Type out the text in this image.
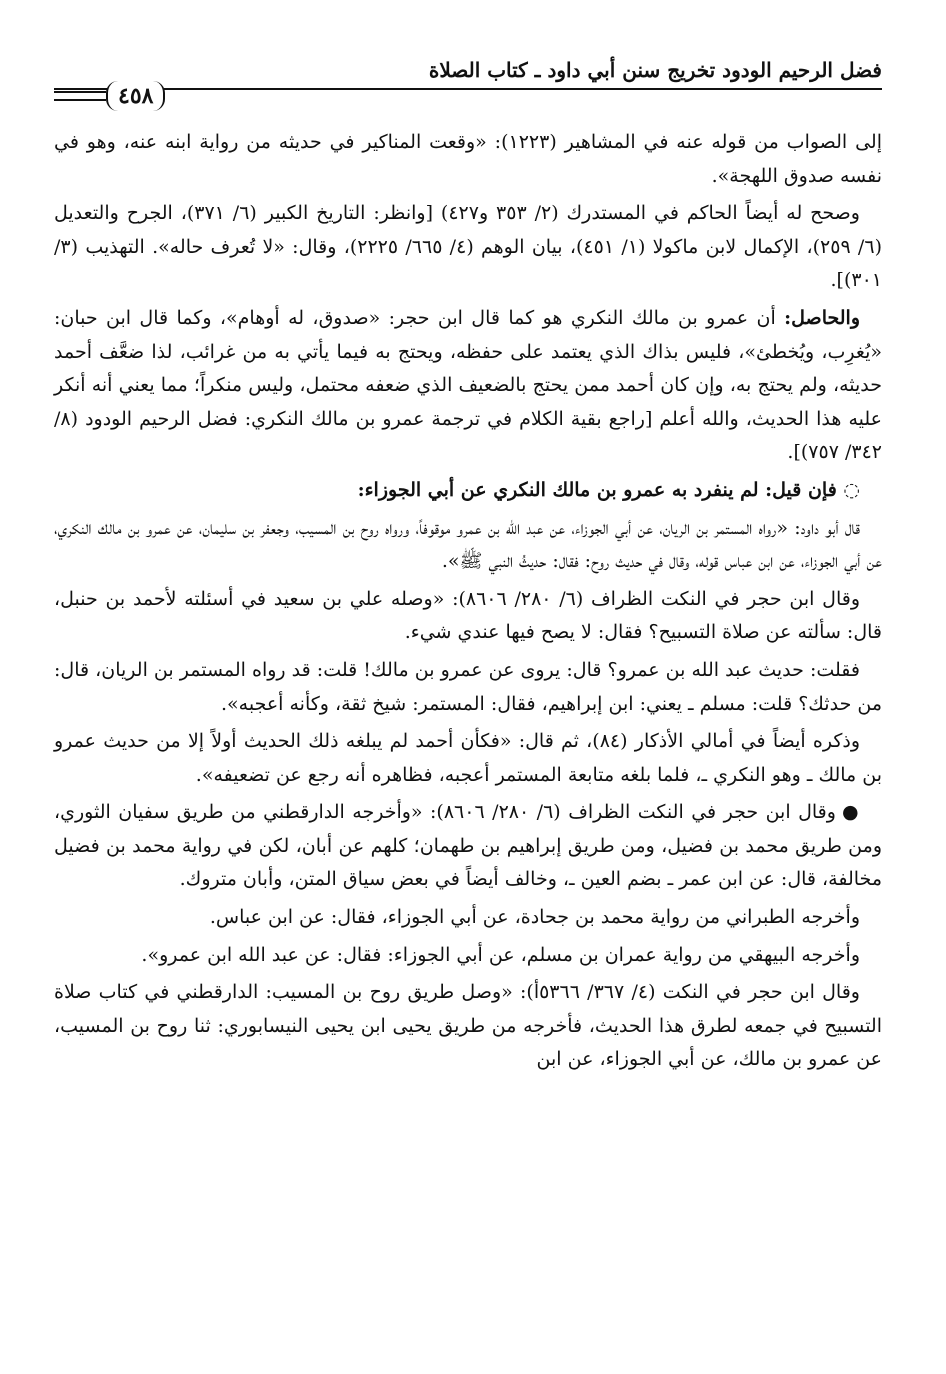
فضل الرحيم الودود تخريج سنن أبي داود ـ كتاب الصلاة
٤٥٨

إلى الصواب من قوله عنه في المشاهير (١٢٢٣): «وقعت المناكير في حديثه من رواية ابنه عنه، وهو في نفسه صدوق اللهجة».

وصحح له أيضاً الحاكم في المستدرك (٢/ ٣٥٣ و٤٢٧) [وانظر: التاريخ الكبير (٦/ ٣٧١)، الجرح والتعديل (٦/ ٢٥٩)، الإكمال لابن ماكولا (١/ ٤٥١)، بيان الوهم (٤/ ٦٦٥/ ٢٢٢٥)، وقال: «لا تُعرف حاله». التهذيب (٣/ ٣٠١)].

والحاصل: أن عمرو بن مالك النكري هو كما قال ابن حجر: «صدوق، له أوهام»، وكما قال ابن حبان: «يُغرِب، ويُخطئ»، فليس بذاك الذي يعتمد على حفظه، ويحتج به فيما يأتي به من غرائب، لذا ضعَّف أحمد حديثه، ولم يحتج به، وإن كان أحمد ممن يحتج بالضعيف الذي ضعفه محتمل، وليس منكراً؛ مما يعني أنه أنكر عليه هذا الحديث، والله أعلم [راجع بقية الكلام في ترجمة عمرو بن مالك النكري: فضل الرحيم الودود (٨/ ٣٤٢/ ٧٥٧)].

◌ فإن قيل: لم ينفرد به عمرو بن مالك النكري عن أبي الجوزاء:

قال أبو داود: «رواه المستمر بن الريان، عن أبي الجوزاء، عن عبد الله بن عمرو موقوفاً، ورواه روح بن المسيب، وجعفر بن سليمان، عن عمرو بن مالك النكري، عن أبي الجوزاء، عن ابن عباس قوله، وقال في حديث روح: فقال: حديثُ النبي ﷺ».

وقال ابن حجر في النكت الظراف (٦/ ٢٨٠/ ٨٦٠٦): «وصله علي بن سعيد في أسئلته لأحمد بن حنبل، قال: سألته عن صلاة التسبيح؟ فقال: لا يصح فيها عندي شيء.

فقلت: حديث عبد الله بن عمرو؟ قال: يروى عن عمرو بن مالك! قلت: قد رواه المستمر بن الريان، قال: من حدثك؟ قلت: مسلم ـ يعني: ابن إبراهيم، فقال: المستمر: شيخ ثقة، وكأنه أعجبه».

وذكره أيضاً في أمالي الأذكار (٨٤)، ثم قال: «فكأن أحمد لم يبلغه ذلك الحديث أولاً إلا من حديث عمرو بن مالك ـ وهو النكري ـ، فلما بلغه متابعة المستمر أعجبه، فظاهره أنه رجع عن تضعيفه».

●وقال ابن حجر في النكت الظراف (٦/ ٢٨٠/ ٨٦٠٦): «وأخرجه الدارقطني من طريق سفيان الثوري، ومن طريق محمد بن فضيل، ومن طريق إبراهيم بن طهمان؛ كلهم عن أبان، لكن في رواية محمد بن فضيل مخالفة، قال: عن ابن عمر ـ بضم العين ـ، وخالف أيضاً في بعض سياق المتن، وأبان متروك.

وأخرجه الطبراني من رواية محمد بن جحادة، عن أبي الجوزاء، فقال: عن ابن عباس.

وأخرجه البيهقي من رواية عمران بن مسلم، عن أبي الجوزاء: فقال: عن عبد الله ابن عمرو».

وقال ابن حجر في النكت (٤/ ٣٦٧/ ٥٣٦٦أ): «وصل طريق روح بن المسيب: الدارقطني في كتاب صلاة التسبيح في جمعه لطرق هذا الحديث، فأخرجه من طريق يحيى ابن يحيى النيسابوري: ثنا روح بن المسيب، عن عمرو بن مالك، عن أبي الجوزاء، عن ابن
